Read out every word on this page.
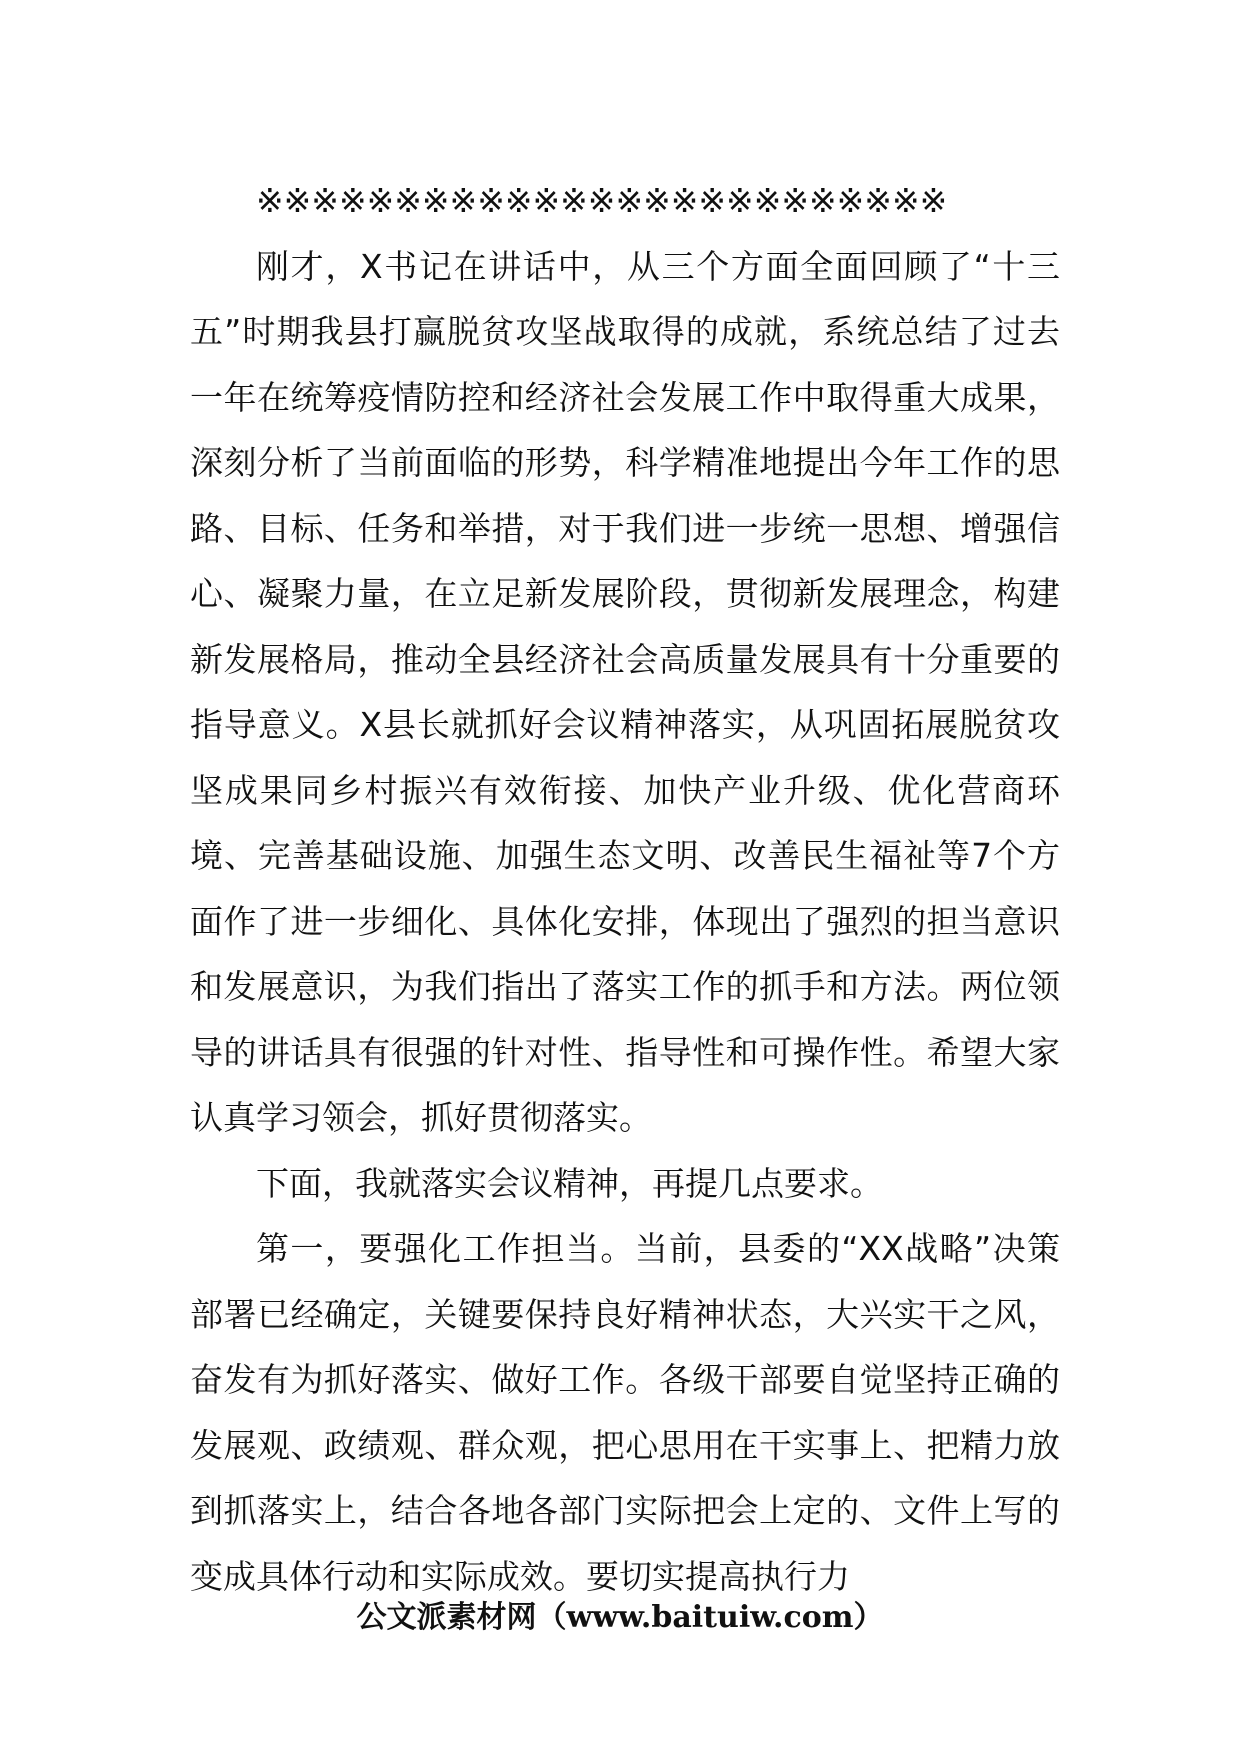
※※※※※※※※※※※※※※※※※※※※※※※※※

刚才，X书记在讲话中，从三个方面全面回顾了“十三五”时期我县打赢脱贫攻坚战取得的成就，系统总结了过去一年在统筹疫情防控和经济社会发展工作中取得重大成果，深刻分析了当前面临的形势，科学精准地提出今年工作的思路、目标、任务和举措，对于我们进一步统一思想、增强信心、凝聚力量，在立足新发展阶段，贯彻新发展理念，构建新发展格局，推动全县经济社会高质量发展具有十分重要的指导意义。X县长就抓好会议精神落实，从巩固拓展脱贫攻坚成果同乡村振兴有效衔接、加快产业升级、优化营商环境、完善基础设施、加强生态文明、改善民生福祉等7个方面作了进一步细化、具体化安排，体现出了强烈的担当意识和发展意识，为我们指出了落实工作的抓手和方法。两位领导的讲话具有很强的针对性、指导性和可操作性。希望大家认真学习领会，抓好贯彻落实。

下面，我就落实会议精神，再提几点要求。

第一，要强化工作担当。当前，县委的“XX战略”决策部署已经确定，关键要保持良好精神状态，大兴实干之风，奋发有为抓好落实、做好工作。各级干部要自觉坚持正确的发展观、政绩观、群众观，把心思用在干实事上、把精力放到抓落实上，结合各地各部门实际把会上定的、文件上写的变成具体行动和实际成效。要切实提高执行力

公文派素材网（www.baituiw.com）
